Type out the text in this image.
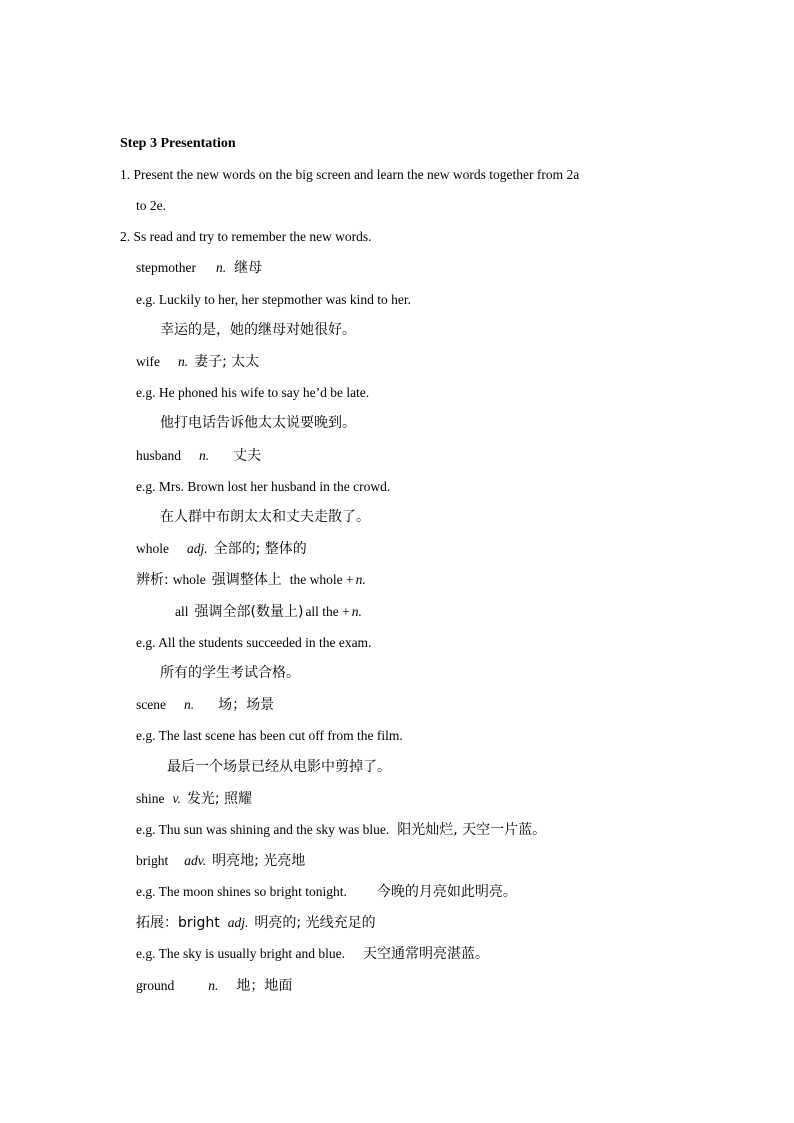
Step 3 Presentation
1. Present the new words on the big screen and learn the new words together from 2a
to 2e.
2. Ss read and try to remember the new words.
stepmother n. 继母
e.g. Luckily to her, her stepmother was kind to her.
幸运的是，她的继母对她很好。
wife n. 妻子; 太太
e.g. He phoned his wife to say he’d be late.
他打电话告诉他太太说要晚到。
husband n. 丈夫
e.g. Mrs. Brown lost her husband in the crowd.
在人群中布朗太太和丈夫走散了。
whole adj. 全部的; 整体的
辨析: whole 强调整体上 the whole + n.
all 强调全部(数量上) all the + n.
e.g. All the students succeeded in the exam.
所有的学生考试合格。
scene n. 场；场景
e.g. The last scene has been cut off from the film.
最后一个场景已经从电影中剪掉了。
shine v. 发光; 照耀
e.g. Thu sun was shining and the sky was blue. 阳光灿烂, 天空一片蓝。
bright adv. 明亮地; 光亮地
e.g. The moon shines so bright tonight. 今晚的月亮如此明亮。
拓展：bright adj. 明亮的; 光线充足的
e.g. The sky is usually bright and blue. 天空通常明亮湛蓝。
ground	n. 地；地面
